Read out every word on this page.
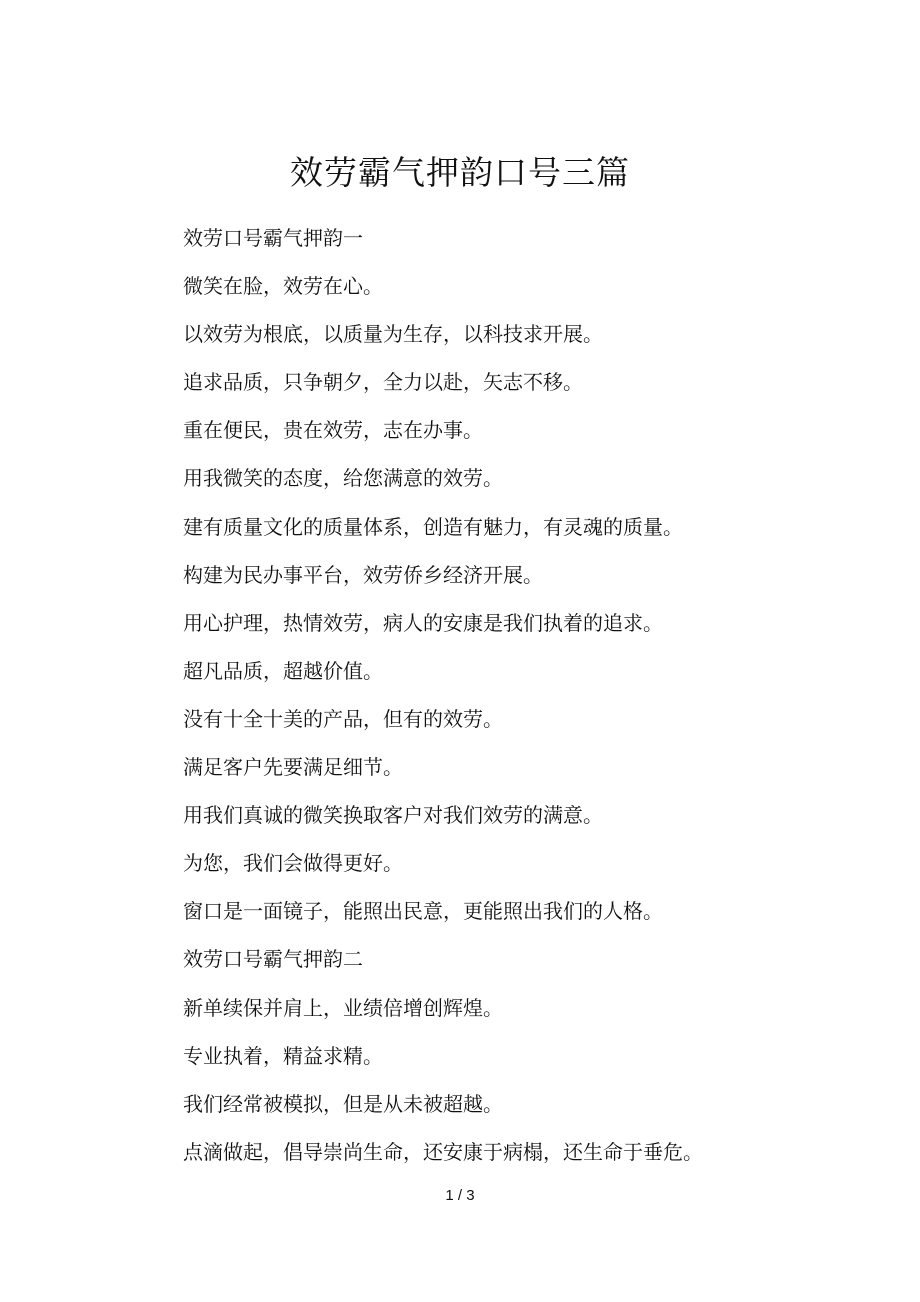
效劳霸气押韵口号三篇
效劳口号霸气押韵一
微笑在脸，效劳在心。
以效劳为根底，以质量为生存，以科技求开展。
追求品质，只争朝夕，全力以赴，矢志不移。
重在便民，贵在效劳，志在办事。
用我微笑的态度，给您满意的效劳。
建有质量文化的质量体系，创造有魅力，有灵魂的质量。
构建为民办事平台，效劳侨乡经济开展。
用心护理，热情效劳，病人的安康是我们执着的追求。
超凡品质，超越价值。
没有十全十美的产品，但有的效劳。
满足客户先要满足细节。
用我们真诚的微笑换取客户对我们效劳的满意。
为您，我们会做得更好。
窗口是一面镜子，能照出民意，更能照出我们的人格。
效劳口号霸气押韵二
新单续保并肩上，业绩倍增创辉煌。
专业执着，精益求精。
我们经常被模拟，但是从未被超越。
点滴做起，倡导崇尚生命，还安康于病榻，还生命于垂危。
1 / 3
